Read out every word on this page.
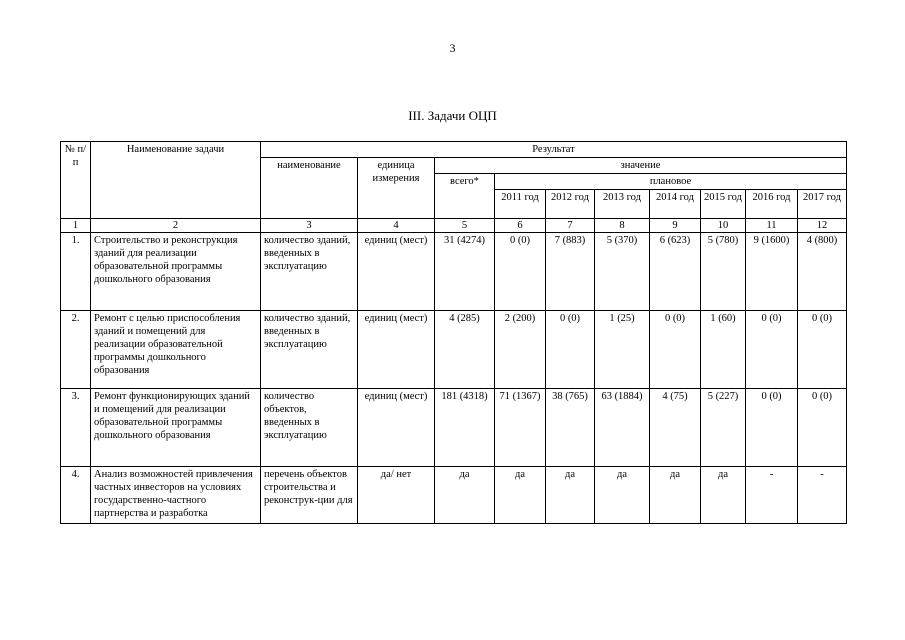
3
III. Задачи ОЦП
№ п/п	Наименование задачи	Результат									
		наименование	единица измерения	значение							
				всего*	плановое						
					2011 год	2012 год	2013 год	2014 год	2015 год	2016 год	2017 год
1	2	3	4	5	6	7	8	9	10	11	12
1.	Строительство и реконструкция зданий для реализации образовательной программы дошкольного образования	количество зданий, введенных в эксплуатацию	единиц (мест)	31 (4274)	0 (0)	7 (883)	5 (370)	6 (623)	5 (780)	9 (1600)	4 (800)
2.	Ремонт с целью приспособления зданий и помещений для реализации образовательной программы дошкольного образования	количество зданий, введенных в эксплуатацию	единиц (мест)	4 (285)	2 (200)	0 (0)	1 (25)	0 (0)	1 (60)	0 (0)	0 (0)
3.	Ремонт функционирующих зданий и помещений для реализации образовательной программы дошкольного образования	количество объектов, введенных в эксплуатацию	единиц (мест)	181 (4318)	71 (1367)	38 (765)	63 (1884)	4 (75)	5 (227)	0 (0)	0 (0)
4.	Анализ возможностей привлечения частных инвесторов на условиях государственно-частного партнерства и разработка	перечень объектов строительства и реконструк-ции для	да/ нет	да	да	да	да	да	да	-	-
